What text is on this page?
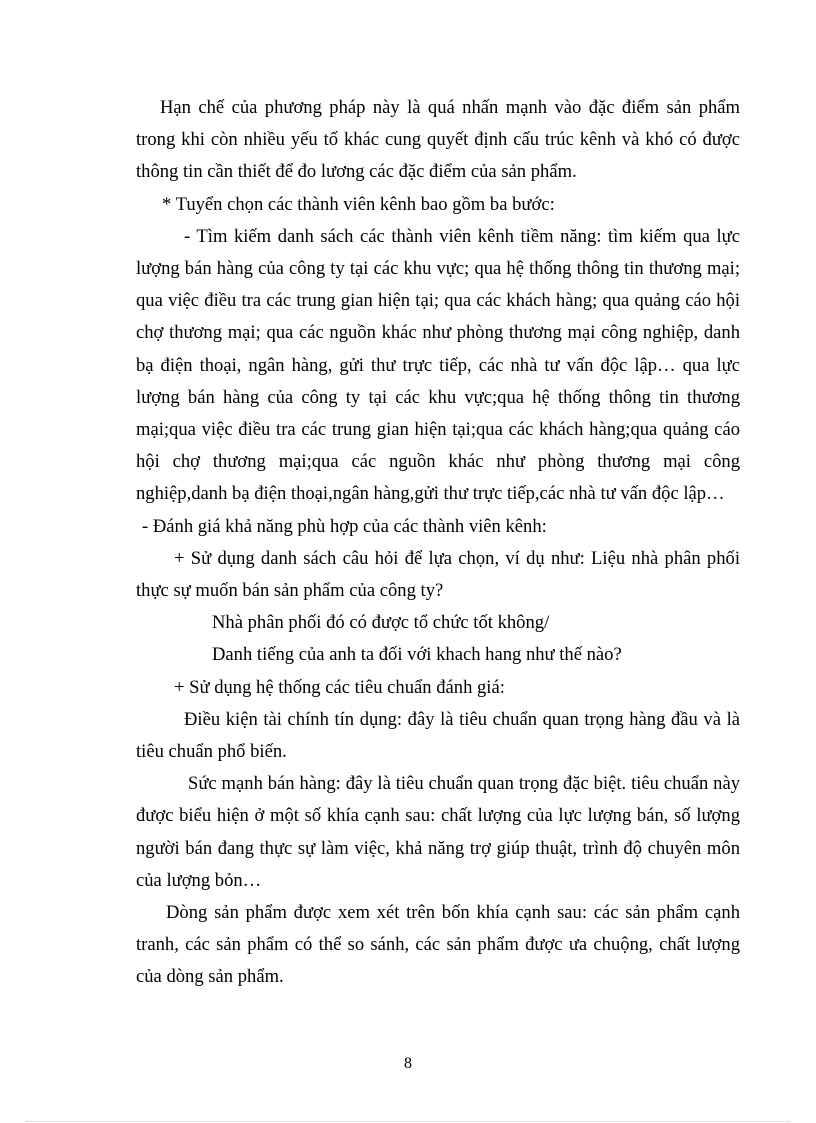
Hạn chế của phương pháp này là quá nhấn mạnh vào đặc điểm sản phẩm trong khi còn nhiều yếu tố khác cung quyết định cấu trúc kênh và khó có được thông tin cần thiết để đo lương các đặc điểm của sản phẩm.

* Tuyển chọn các thành viên kênh bao gồm ba bước:

- Tìm kiếm danh sách các thành viên kênh tiềm năng: tìm kiếm qua lực lượng bán hàng của công ty tại các khu vực; qua hệ thống thông tin thương mại; qua việc điều tra các trung gian hiện tại; qua các khách hàng; qua quảng cáo hội chợ thương mại; qua các nguồn khác như phòng thương mại công nghiệp, danh bạ điện thoại, ngân hàng, gửi thư trực tiếp, các nhà tư vấn độc lập… qua lực lượng bán hàng của công ty tại các khu vực;qua hệ thống thông tin thương mại;qua việc điều tra các trung gian hiện tại;qua các khách hàng;qua quảng cáo hội chợ thương mại;qua các nguồn khác như phòng thương mại công nghiệp,danh bạ điện thoại,ngân hàng,gửi thư trực tiếp,các nhà tư vấn độc lập…

- Đánh giá khả năng phù hợp của các thành viên kênh:

+ Sử dụng danh sách câu hỏi để lựa chọn, ví dụ như: Liệu nhà phân phối thực sự muốn bán sản phẩm của công ty?

Nhà phân phối đó có được tổ chức tốt không/

Danh tiếng của anh ta đối với khach hang như thế nào?

+ Sử dụng hệ thống các tiêu chuẩn đánh giá:

Điều kiện tài chính tín dụng: đây là tiêu chuẩn quan trọng hàng đầu và là tiêu chuẩn phổ biến.

Sức mạnh bán hàng: đây là tiêu chuẩn quan trọng đặc biệt. tiêu chuẩn này được biểu hiện ở một số khía cạnh sau: chất lượng của lực lượng bán, số lượng người bán đang thực sự làm việc, khả năng trợ giúp thuật, trình độ chuyên môn của lượng bỏn…

Dòng sản phẩm được xem xét trên bốn khía cạnh sau: các sản phẩm cạnh tranh, các sản phẩm có thể so sánh, các sản phẩm được ưa chuộng, chất lượng của dòng sản phẩm.

8
